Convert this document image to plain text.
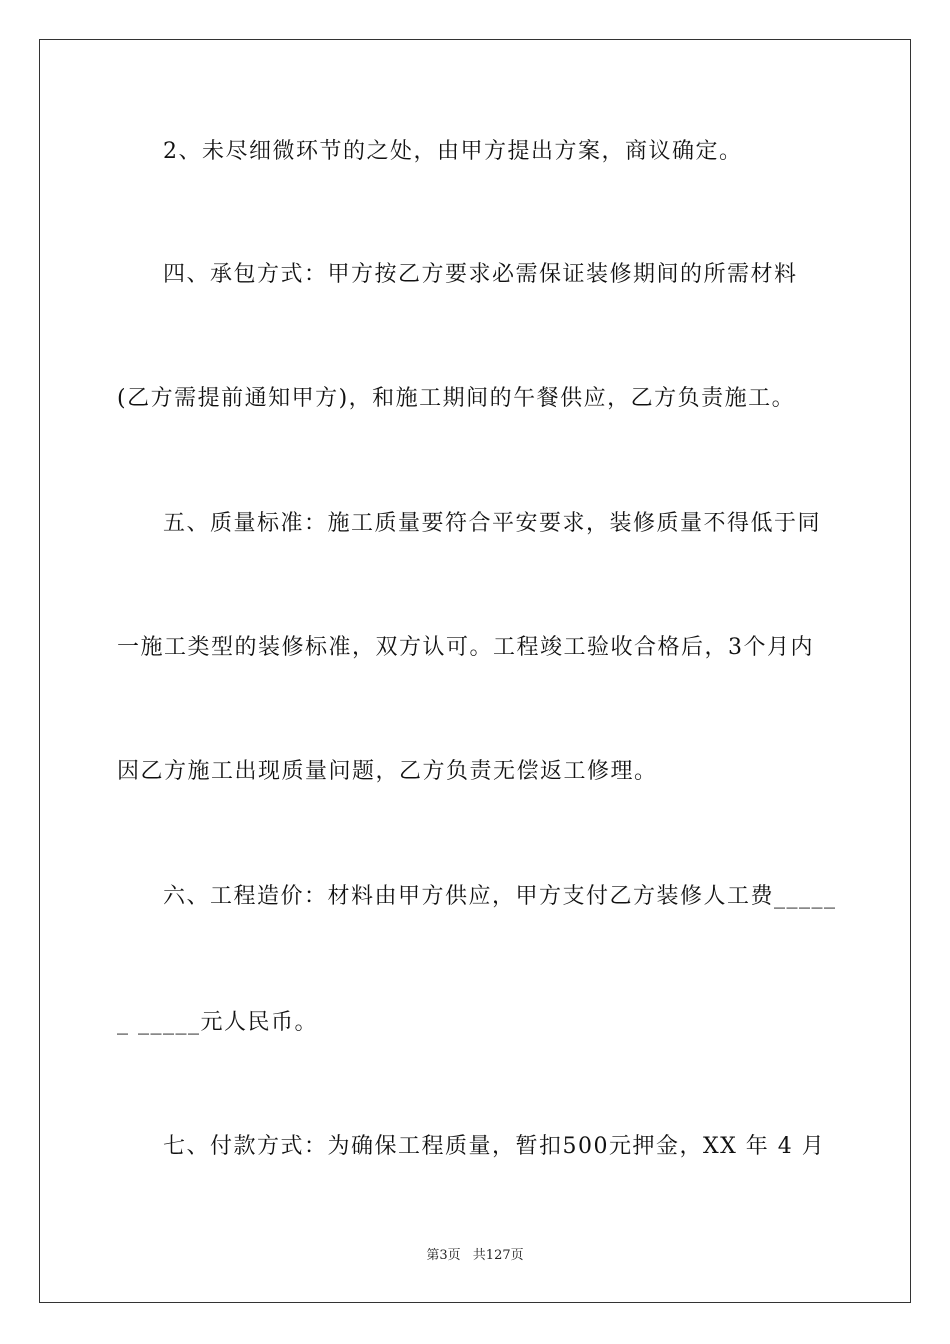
2、未尽细微环节的之处，由甲方提出方案，商议确定。
四、承包方式：甲方按乙方要求必需保证装修期间的所需材料
(乙方需提前通知甲方)，和施工期间的午餐供应，乙方负责施工。
五、质量标准：施工质量要符合平安要求，装修质量不得低于同
一施工类型的装修标准，双方认可。工程竣工验收合格后，3个月内
因乙方施工出现质量问题，乙方负责无偿返工修理。
六、工程造价：材料由甲方供应，甲方支付乙方装修人工费_____
_ _____元人民币。
七、付款方式：为确保工程质量，暂扣500元押金，XX 年 4 月
第3页 共127页
